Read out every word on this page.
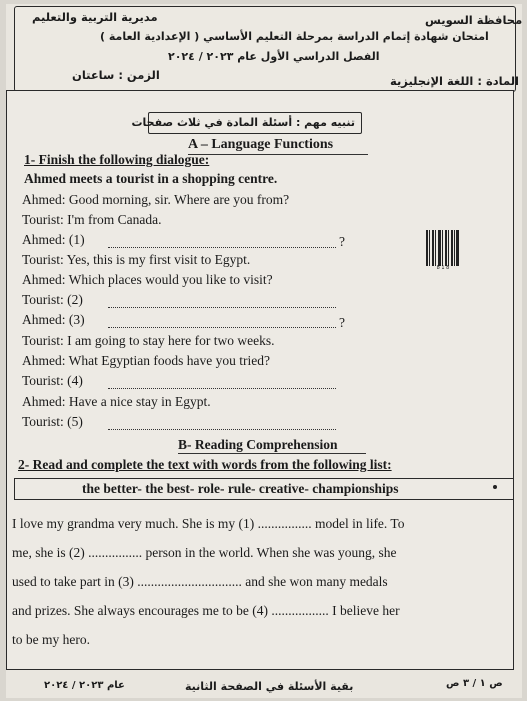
مديرية التربية والتعليم	محافظة السويس
امتحان شهادة إتمام الدراسة بمرحلة التعليم الأساسي ( الإعدادية العامة )
الفصل الدراسي الأول عام ٢٠٢٣ / ٢٠٢٤
الزمن : ساعتان	المادة : اللغة الإنجليزية
تنبيه مهم : أسئلة المادة في ثلاث صفحات
A – Language Functions
1- Finish the following dialogue:
Ahmed meets a tourist in a shopping centre.
Ahmed: Good morning, sir. Where are you from?
Tourist: I'm from Canada.
Ahmed: (1)	?
Tourist: Yes, this is my first visit to Egypt.
Ahmed: Which places would you like to visit?
Tourist: (2)
Ahmed: (3)	?
Tourist: I am going to stay here for two weeks.
Ahmed: What Egyptian foods have you tried?
Tourist: (4)
Ahmed: Have a nice stay in Egypt.
Tourist: (5)
8 1 8
B- Reading Comprehension
2- Read and complete the text with words from the following list:
the better- the best- role- rule- creative- championships
I love my grandma very much. She is my (1) ................ model in life. To
me, she is (2) ................ person in the world. When she was young, she
used to take part in (3) ............................... and she won many medals
and prizes. She always encourages me to be (4) ................. I believe her
to be my hero.
عام ٢٠٢٣ / ٢٠٢٤	بقية الأسئلة في الصفحة الثانية	ص ١ / ٣ ص
